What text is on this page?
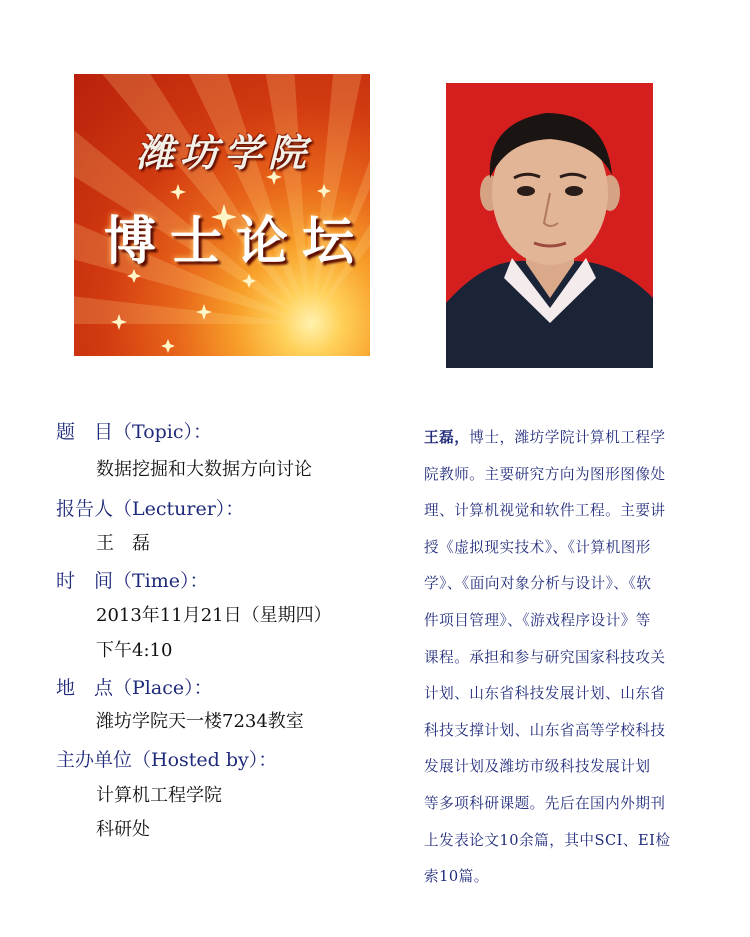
潍坊学院
博士论坛
题　目（Topic）：
数据挖掘和大数据方向讨论
报告人（Lecturer）：
王　磊
时　间（Time）：
2013年11月21日（星期四）
下午4:10
地　点（Place）：
潍坊学院天一楼7234教室
主办单位（Hosted by）：
计算机工程学院
科研处
王磊，博士，潍坊学院计算机工程学
院教师。主要研究方向为图形图像处
理、计算机视觉和软件工程。主要讲
授《虚拟现实技术》、《计算机图形
学》、《面向对象分析与设计》、《软
件项目管理》、《游戏程序设计》等
课程。承担和参与研究国家科技攻关
计划、山东省科技发展计划、山东省
科技支撑计划、山东省高等学校科技
发展计划及潍坊市级科技发展计划
等多项科研课题。先后在国内外期刊
上发表论文10余篇，其中SCI、EI检
索10篇。
